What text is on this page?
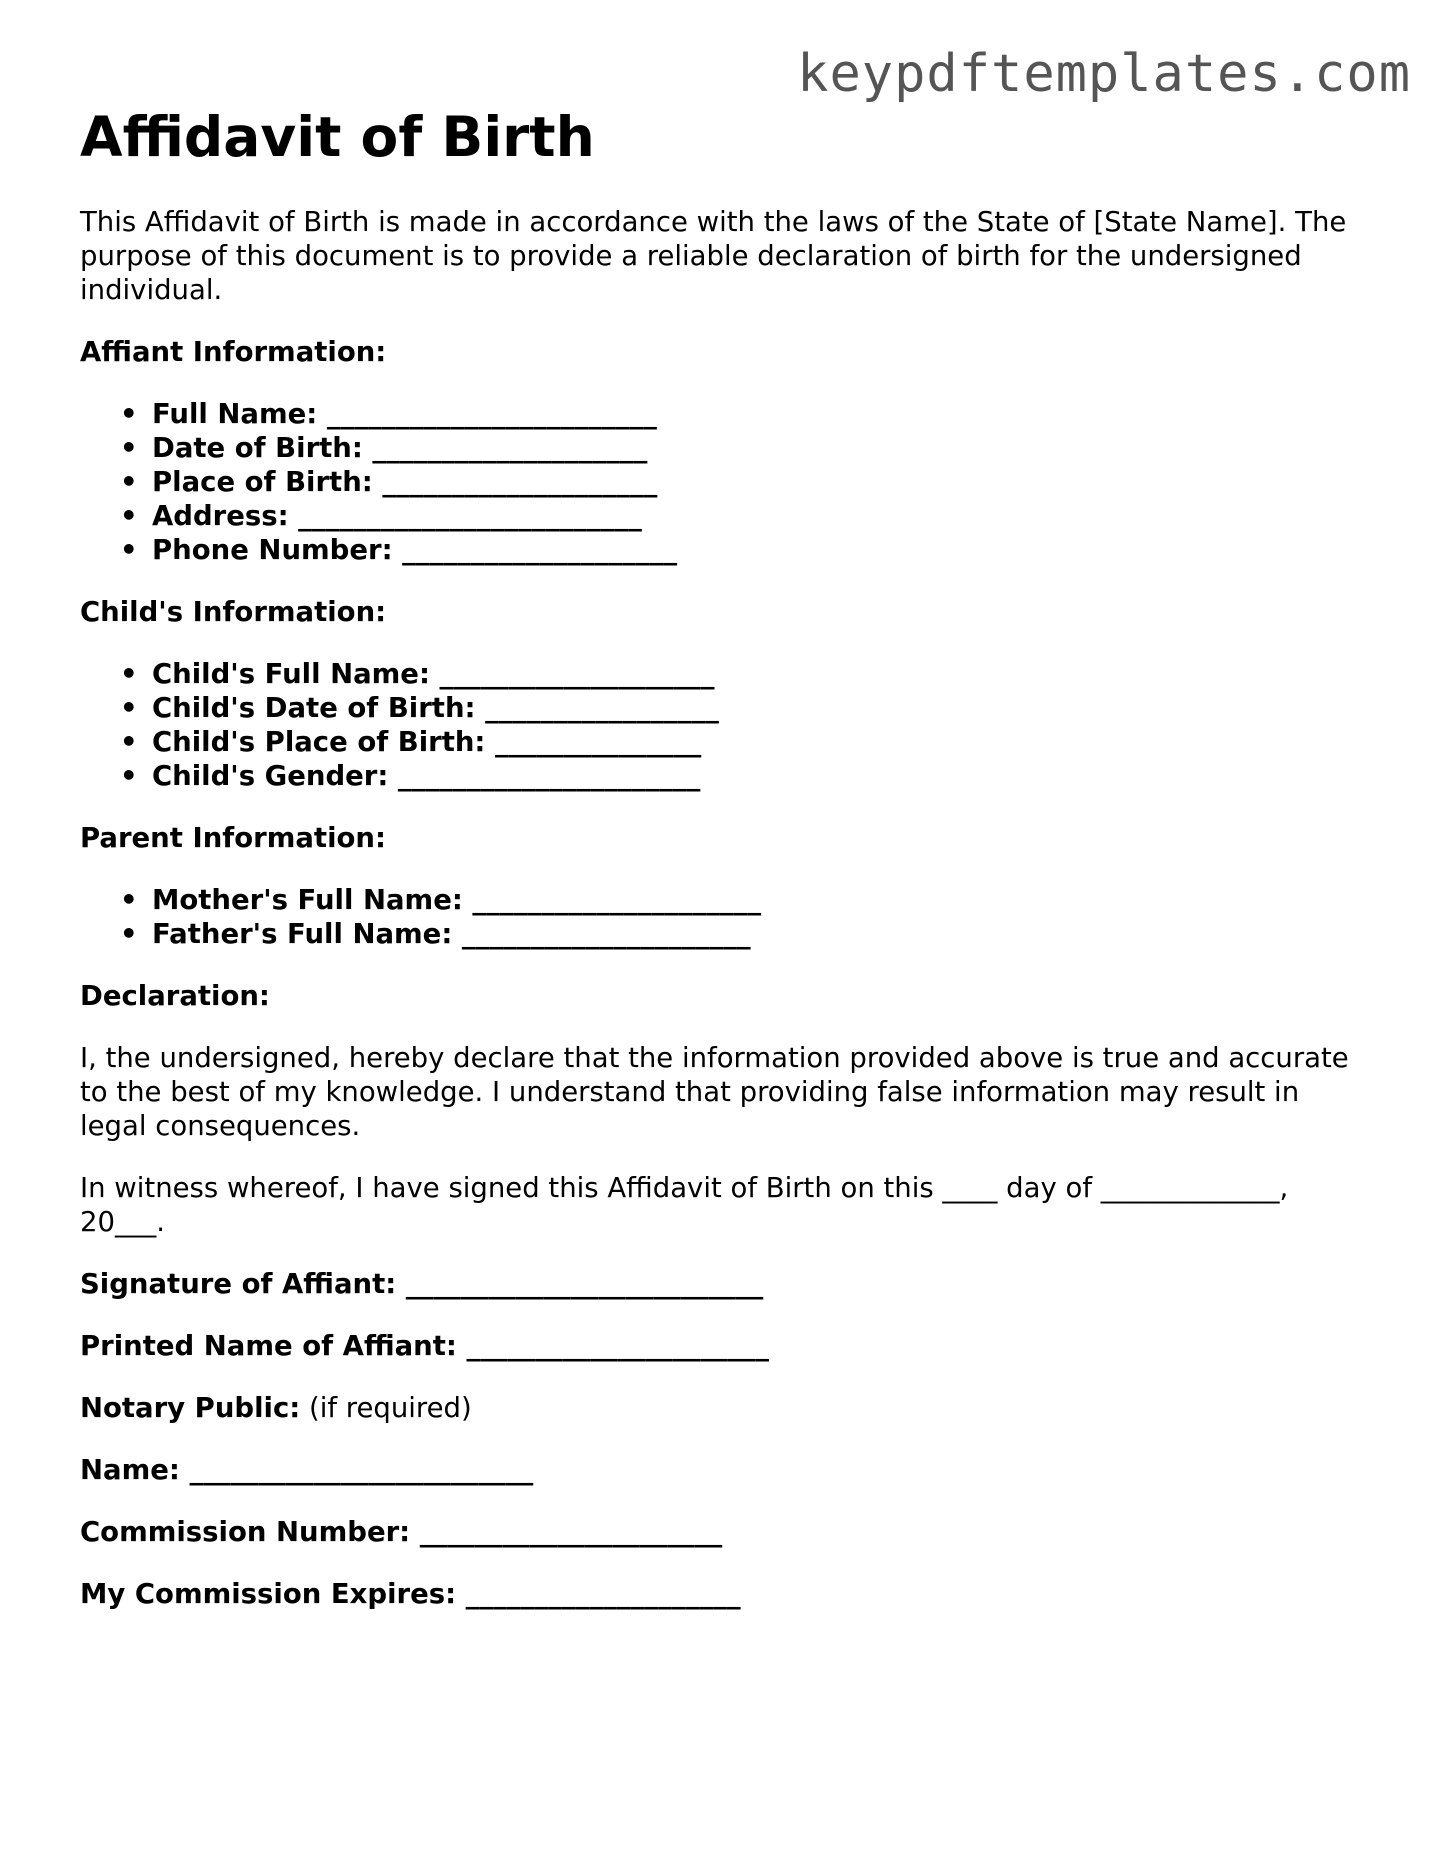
keypdftemplates.com
Affidavit of Birth

This Affidavit of Birth is made in accordance with the laws of the State of [State Name]. The purpose of this document is to provide a reliable declaration of birth for the undersigned individual.

Affiant Information:
• Full Name: ________________________
• Date of Birth: ____________________
• Place of Birth: ____________________
• Address: _________________________
• Phone Number: ____________________
Child's Information:
• Child's Full Name: ____________________
• Child's Date of Birth: _________________
• Child's Place of Birth: _______________
• Child's Gender: ______________________
Parent Information:
• Mother's Full Name: _____________________
• Father's Full Name: _____________________
Declaration:

I, the undersigned, hereby declare that the information provided above is true and accurate to the best of my knowledge. I understand that providing false information may result in legal consequences.

In witness whereof, I have signed this Affidavit of Birth on this ____ day of _____________, 20___.

Signature of Affiant: __________________________
Printed Name of Affiant: ______________________
Notary Public: (if required)
Name: _________________________
Commission Number: ______________________
My Commission Expires: ____________________
